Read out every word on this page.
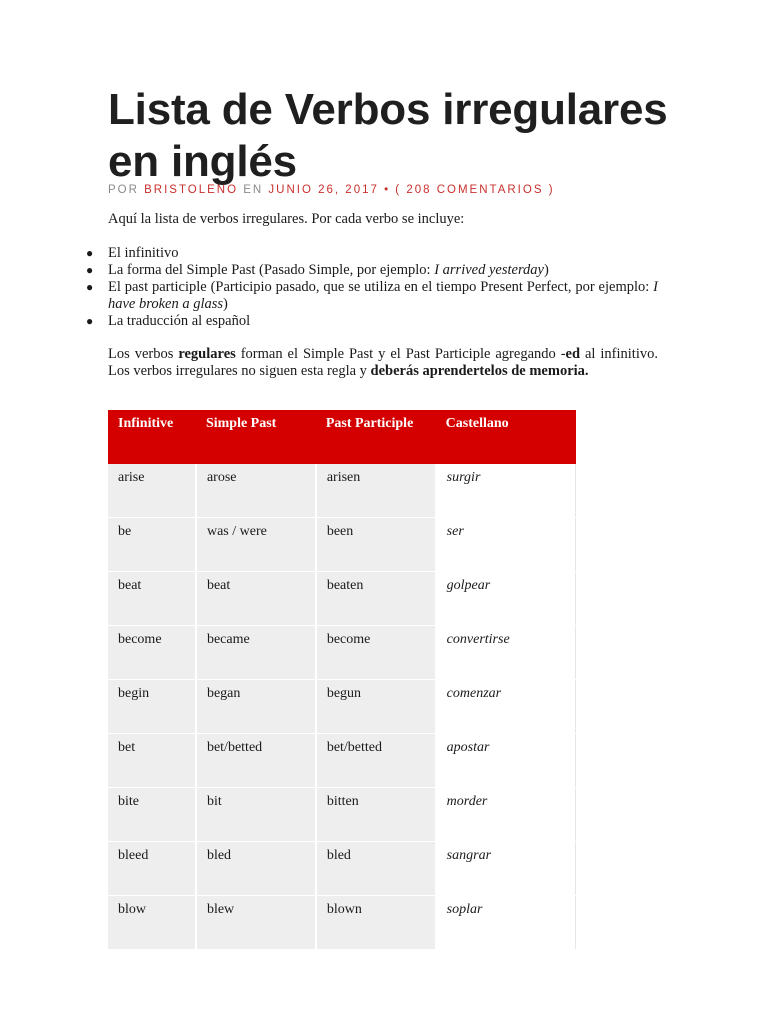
Lista de Verbos irregulares en inglés
POR BRISTOLENO EN JUNIO 26, 2017 • ( 208 COMENTARIOS )

Aquí la lista de verbos irregulares. Por cada verbo se incluye:

● El infinitivo
● La forma del Simple Past (Pasado Simple, por ejemplo: I arrived yesterday)
● El past participle (Participio pasado, que se utiliza en el tiempo Present Perfect, por ejemplo: I have broken a glass)
● La traducción al español

Los verbos regulares forman el Simple Past y el Past Participle agregando -ed al infinitivo. Los verbos irregulares no siguen esta regla y deberás aprendertelos de memoria.

Infinitive	Simple Past	Past Participle	Castellano
arise	arose	arisen	surgir
be	was / were	been	ser
beat	beat	beaten	golpear
become	became	become	convertirse
begin	began	begun	comenzar
bet	bet/betted	bet/betted	apostar
bite	bit	bitten	morder
bleed	bled	bled	sangrar
blow	blew	blown	soplar
